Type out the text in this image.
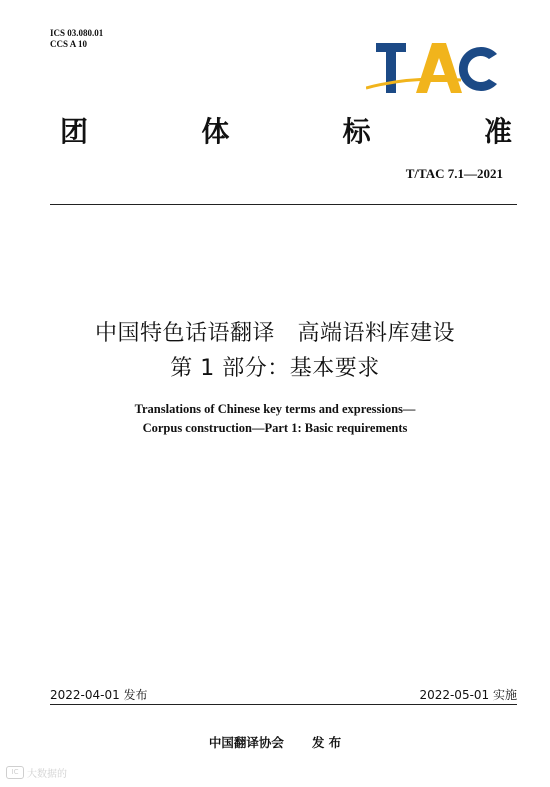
ICS 03.080.01
CCS A 10
团	体	标	准
T/TAC 7.1—2021
中国特色话语翻译　高端语料库建设
第 1 部分：基本要求
Translations of Chinese key terms and expressions—
Corpus construction—Part 1: Basic requirements
2022-04-01 发布	2022-05-01 实施
中国翻译协会 发 布
IC 大数据的
